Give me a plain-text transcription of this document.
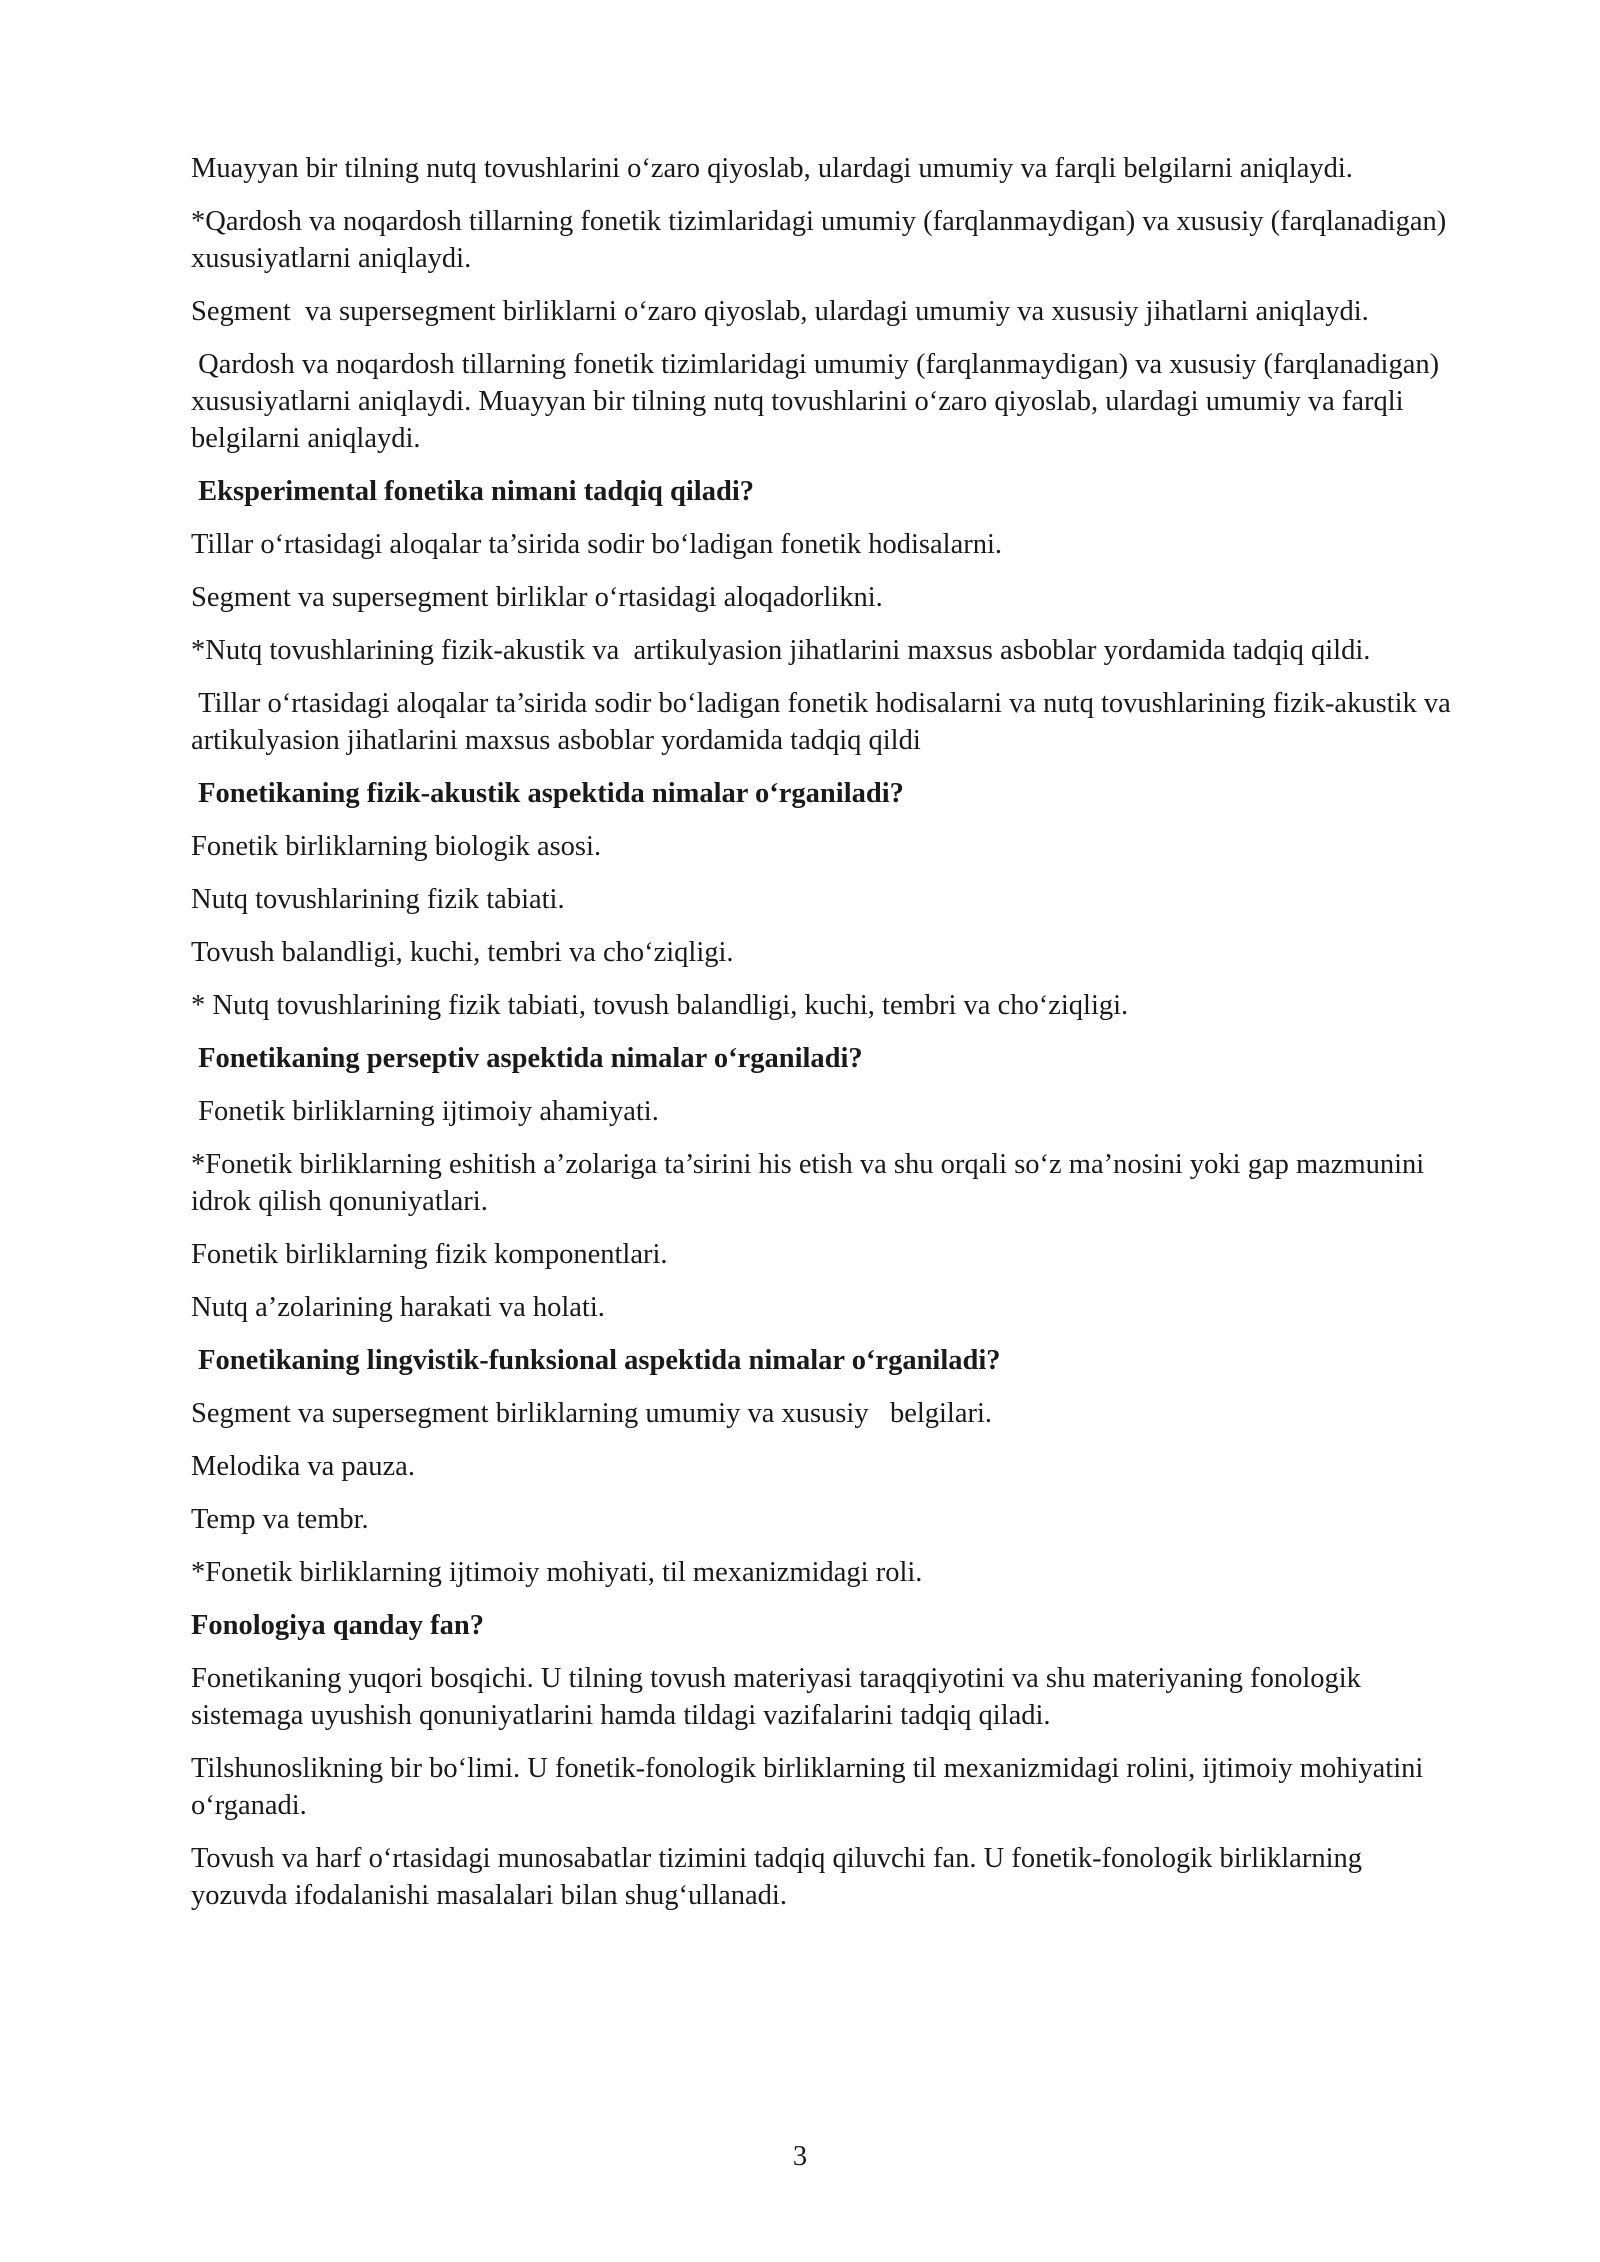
Muayyan bir tilning nutq tovushlarini o‘zaro qiyoslab, ulardagi umumiy va farqli belgilarni aniqlaydi.

*Qardosh va noqardosh tillarning fonetik tizimlaridagi umumiy (farqlanmaydigan) va xususiy (farqlanadigan) xususiyatlarni aniqlaydi.

Segment  va supersegment birliklarni o‘zaro qiyoslab, ulardagi umumiy va xususiy jihatlarni aniqlaydi.

Qardosh va noqardosh tillarning fonetik tizimlaridagi umumiy (farqlanmaydigan) va xususiy (farqlanadigan) xususiyatlarni aniqlaydi. Muayyan bir tilning nutq tovushlarini o‘zaro qiyoslab, ulardagi umumiy va farqli belgilarni aniqlaydi.

Eksperimental fonetika nimani tadqiq qiladi?

Tillar o‘rtasidagi aloqalar ta’sirida sodir bo‘ladigan fonetik hodisalarni.

Segment va supersegment birliklar o‘rtasidagi aloqadorlikni.

*Nutq tovushlarining fizik-akustik va  artikulyasion jihatlarini maxsus asboblar yordamida tadqiq qildi.

Tillar o‘rtasidagi aloqalar ta’sirida sodir bo‘ladigan fonetik hodisalarni va nutq tovushlarining fizik-akustik va  artikulyasion jihatlarini maxsus asboblar yordamida tadqiq qildi

Fonetikaning fizik-akustik aspektida nimalar o‘rganiladi?

Fonetik birliklarning biologik asosi.

Nutq tovushlarining fizik tabiati.

Tovush balandligi, kuchi, tembri va cho‘ziqligi.

* Nutq tovushlarining fizik tabiati, tovush balandligi, kuchi, tembri va cho‘ziqligi.

Fonetikaning perseptiv aspektida nimalar o‘rganiladi?

Fonetik birliklarning ijtimoiy ahamiyati.

*Fonetik birliklarning eshitish a’zolariga ta’sirini his etish va shu orqali so‘z ma’nosini yoki gap mazmunini idrok qilish qonuniyatlari.

Fonetik birliklarning fizik komponentlari.

Nutq a’zolarining harakati va holati.

Fonetikaning lingvistik-funksional aspektida nimalar o‘rganiladi?

Segment va supersegment birliklarning umumiy va xususiy   belgilari.

Melodika va pauza.

Temp va tembr.

*Fonetik birliklarning ijtimoiy mohiyati, til mexanizmidagi roli.

Fonologiya qanday fan?

Fonetikaning yuqori bosqichi. U tilning tovush materiyasi taraqqiyotini va shu materiyaning fonologik sistemaga uyushish qonuniyatlarini hamda tildagi vazifalarini tadqiq qiladi.

Tilshunoslikning bir bo‘limi. U fonetik-fonologik birliklarning til mexanizmidagi rolini, ijtimoiy mohiyatini o‘rganadi.

Tovush va harf o‘rtasidagi munosabatlar tizimini tadqiq qiluvchi fan. U fonetik-fonologik birliklarning yozuvda ifodalanishi masalalari bilan shug‘ullanadi.

3
